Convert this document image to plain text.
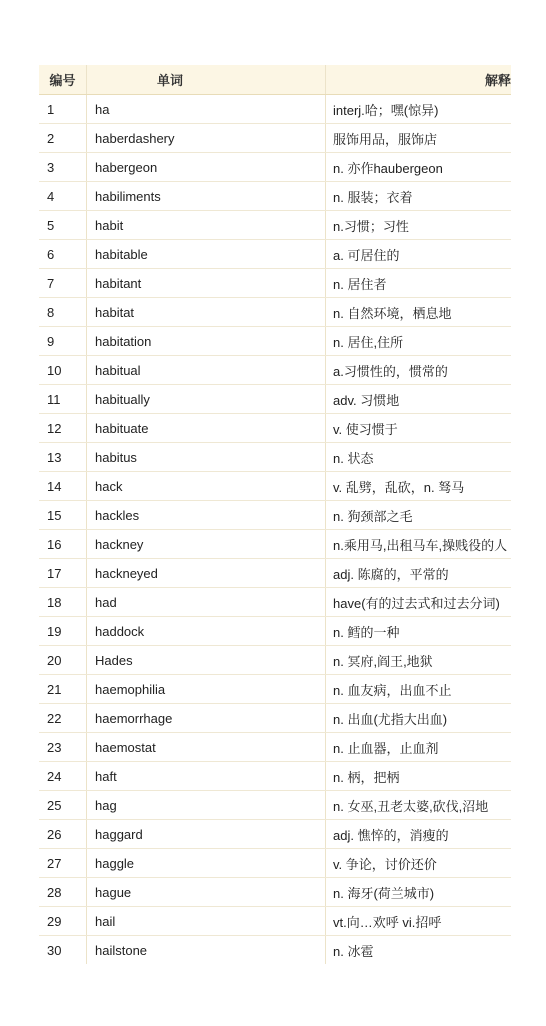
编号	单词	解释
1	ha	interj.哈；嘿(惊异)
2	haberdashery	服饰用品，服饰店
3	habergeon	n. 亦作haubergeon
4	habiliments	n. 服装；衣着
5	habit	n.习惯；习性
6	habitable	a. 可居住的
7	habitant	n. 居住者
8	habitat	n. 自然环境，栖息地
9	habitation	n. 居住,住所
10	habitual	a.习惯性的，惯常的
11	habitually	adv. 习惯地
12	habituate	v. 使习惯于
13	habitus	n. 状态
14	hack	v. 乱劈，乱砍，n. 驽马
15	hackles	n. 狗颈部之毛
16	hackney	n.乘用马,出租马车,操贱役的人
17	hackneyed	adj. 陈腐的，平常的
18	had	have(有的过去式和过去分词)
19	haddock	n. 鳕的一种
20	Hades	n. 冥府,阎王,地狱
21	haemophilia	n. 血友病，出血不止
22	haemorrhage	n. 出血(尤指大出血)
23	haemostat	n. 止血器，止血剂
24	haft	n. 柄，把柄
25	hag	n. 女巫,丑老太婆,砍伐,沼地
26	haggard	adj. 憔悴的，消瘦的
27	haggle	v. 争论，讨价还价
28	hague	n. 海牙(荷兰城市)
29	hail	vt.向…欢呼 vi.招呼
30	hailstone	n. 冰雹
